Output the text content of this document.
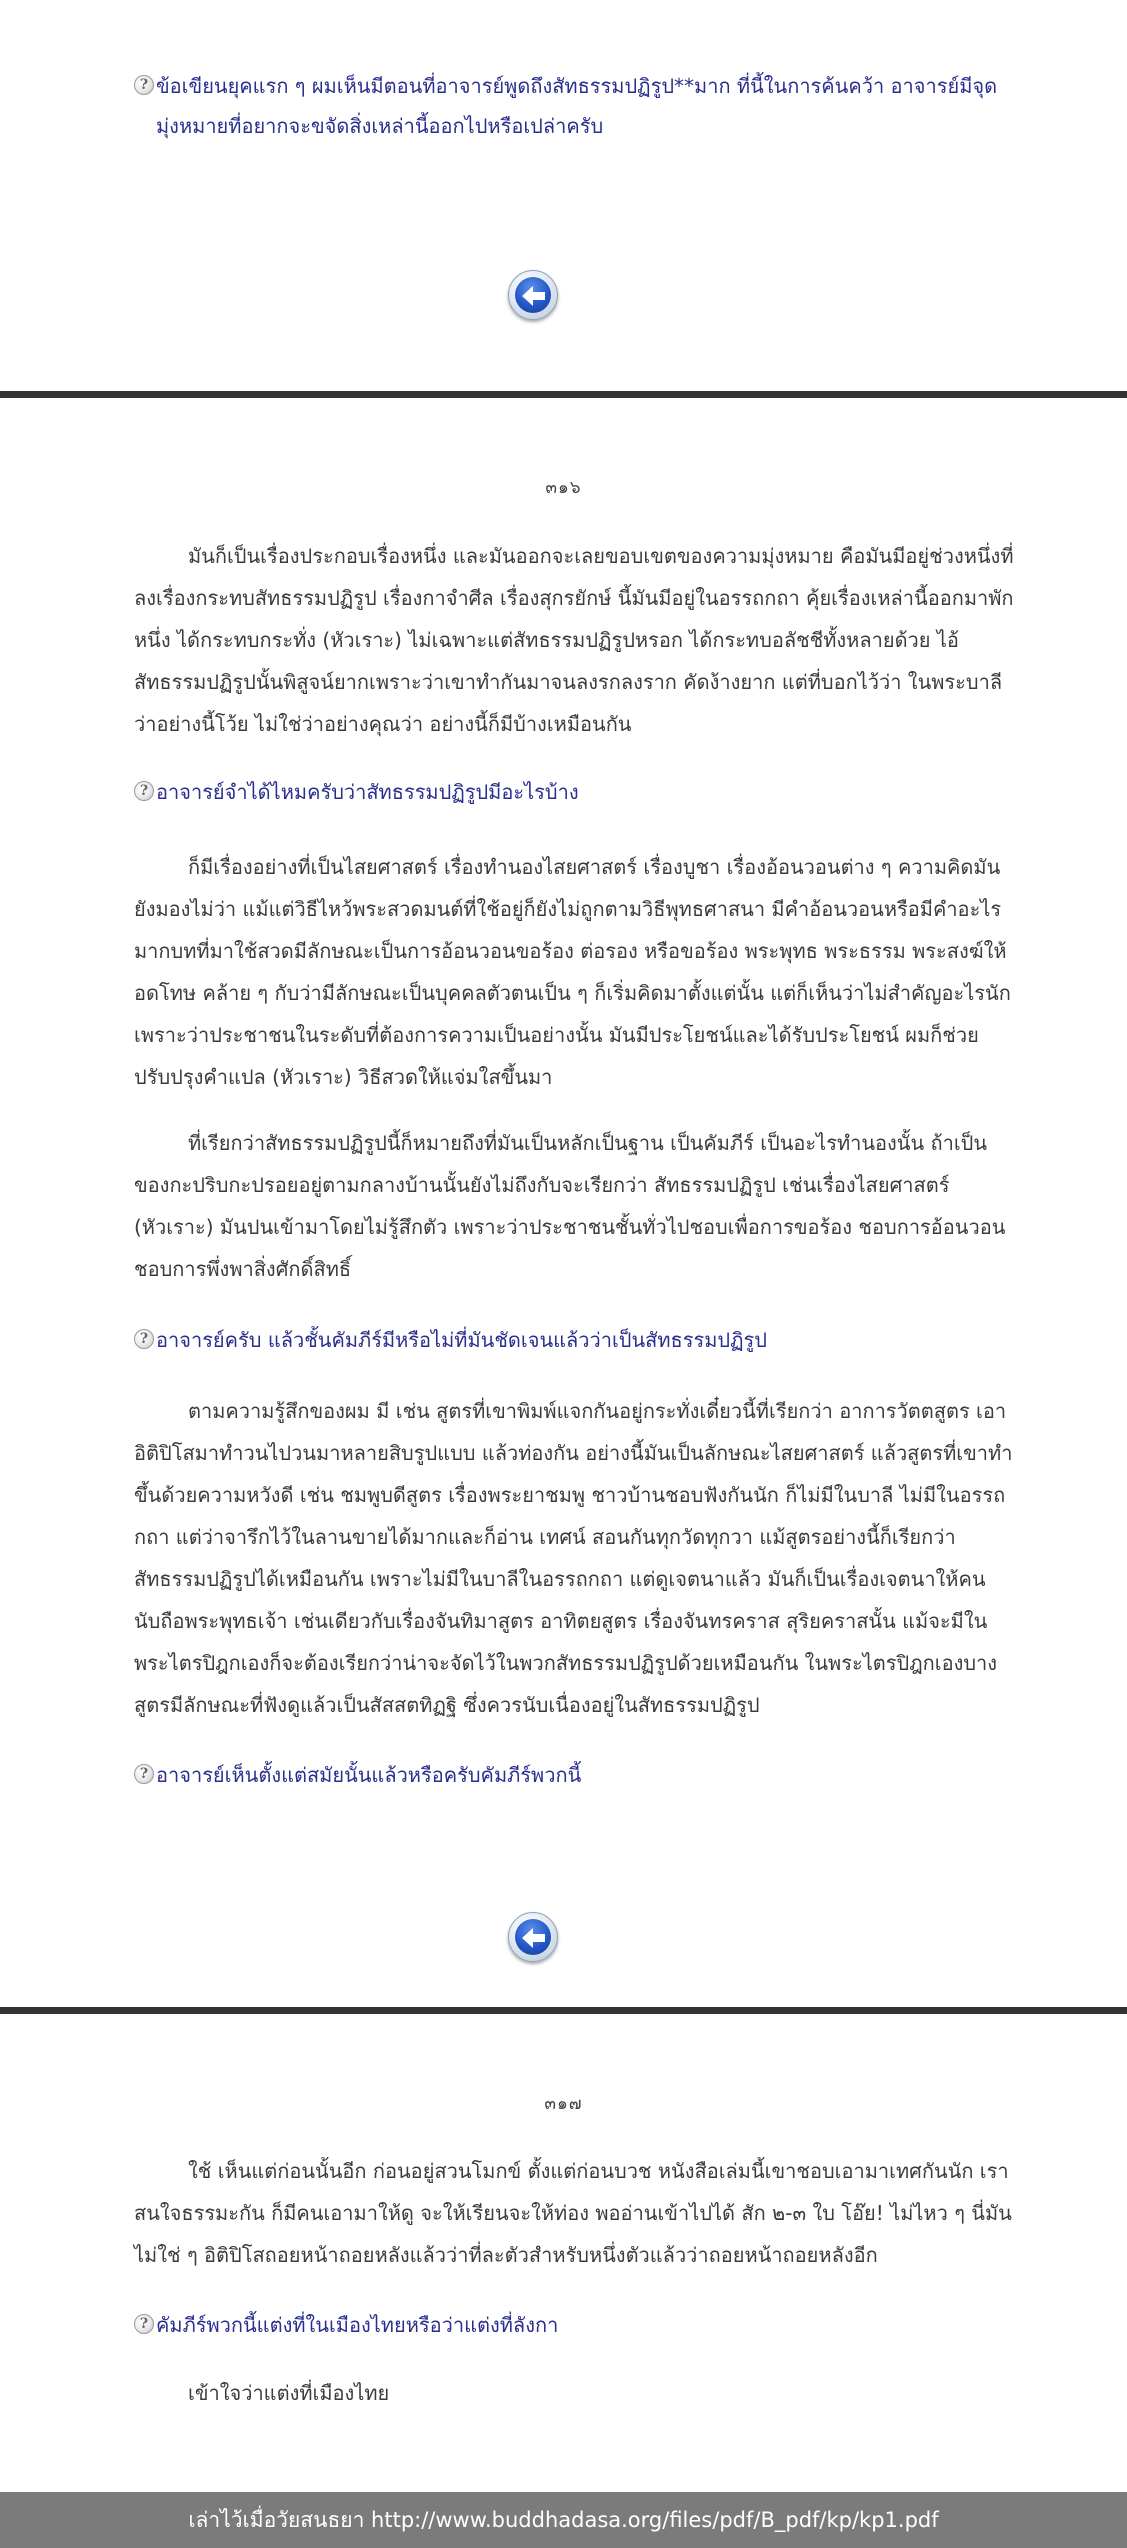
? ข้อเขียนยุคแรก ๆ ผมเห็นมีตอนที่อาจารย์พูดถึงสัทธรรมปฏิรูป**มาก ที่นี้ในการค้นคว้า อาจารย์มีจุดมุ่งหมายที่อยากจะขจัดสิ่งเหล่านี้ออกไปหรือเปล่าครับ
๓๑๖
มันก็เป็นเรื่องประกอบเรื่องหนึ่ง และมันออกจะเลยขอบเขตของความมุ่งหมาย คือมันมีอยู่ช่วงหนึ่งที่ลงเรื่องกระทบสัทธรรมปฏิรูป เรื่องกาจำศีล เรื่องสุกรยักษ์ นี้มันมีอยู่ในอรรถกถา คุ้ยเรื่องเหล่านี้ออกมาพักหนึ่ง ได้กระทบกระทั่ง (หัวเราะ) ไม่เฉพาะแต่สัทธรรมปฏิรูปหรอก ได้กระทบอลัชชีทั้งหลายด้วย ไอ้สัทธรรมปฏิรูปนั้นพิสูจน์ยากเพราะว่าเขาทำกันมาจนลงรกลงราก คัดง้างยาก แต่ที่บอกไว้ว่า ในพระบาลีว่าอย่างนี้โว้ย ไม่ใช่ว่าอย่างคุณว่า อย่างนี้ก็มีบ้างเหมือนกัน
? อาจารย์จำได้ไหมครับว่าสัทธรรมปฏิรูปมีอะไรบ้าง
ก็มีเรื่องอย่างที่เป็นไสยศาสตร์ เรื่องทำนองไสยศาสตร์ เรื่องบูชา เรื่องอ้อนวอนต่าง ๆ ความคิดมันยังมองไม่ว่า แม้แต่วิธีไหว้พระสวดมนต์ที่ใช้อยู่ก็ยังไม่ถูกตามวิธีพุทธศาสนา มีคำอ้อนวอนหรือมีคำอะไรมากบทที่มาใช้สวดมีลักษณะเป็นการอ้อนวอนขอร้อง ต่อรอง หรือขอร้อง พระพุทธ พระธรรม พระสงฆ์ให้อดโทษ คล้าย ๆ กับว่ามีลักษณะเป็นบุคคลตัวตนเป็น ๆ ก็เริ่มคิดมาตั้งแต่นั้น แต่ก็เห็นว่าไม่สำคัญอะไรนักเพราะว่าประชาชนในระดับที่ต้องการความเป็นอย่างนั้น มันมีประโยชน์และได้รับประโยชน์ ผมก็ช่วยปรับปรุงคำแปล (หัวเราะ) วิธีสวดให้แจ่มใสขึ้นมา
ที่เรียกว่าสัทธรรมปฏิรูปนี้ก็หมายถึงที่มันเป็นหลักเป็นฐาน เป็นคัมภีร์ เป็นอะไรทำนองนั้น ถ้าเป็นของกะปริบกะปรอยอยู่ตามกลางบ้านนั้นยังไม่ถึงกับจะเรียกว่า สัทธรรมปฏิรูป เช่นเรื่องไสยศาสตร์ (หัวเราะ) มันปนเข้ามาโดยไม่รู้สึกตัว เพราะว่าประชาชนชั้นทั่วไปชอบเพื่อการขอร้อง ชอบการอ้อนวอน ชอบการพึ่งพาสิ่งศักดิ์สิทธิ์
? อาจารย์ครับ แล้วชั้นคัมภีร์มีหรือไม่ที่มันชัดเจนแล้วว่าเป็นสัทธรรมปฏิรูป
ตามความรู้สึกของผม มี เช่น สูตรที่เขาพิมพ์แจกกันอยู่กระทั่งเดี๋ยวนี้ที่เรียกว่า อาการวัตตสูตร เอาอิติปิโสมาทำวนไปวนมาหลายสิบรูปแบบ แล้วท่องกัน อย่างนี้มันเป็นลักษณะไสยศาสตร์ แล้วสูตรที่เขาทำขึ้นด้วยความหวังดี เช่น ชมพูบดีสูตร เรื่องพระยาชมพู ชาวบ้านชอบฟังกันนัก ก็ไม่มีในบาลี ไม่มีในอรรถกถา แต่ว่าจารึกไว้ในลานขายได้มากและก็อ่าน เทศน์ สอนกันทุกวัดทุกวา แม้สูตรอย่างนี้ก็เรียกว่าสัทธรรมปฏิรูปได้เหมือนกัน เพราะไม่มีในบาลีในอรรถกถา แต่ดูเจตนาแล้ว มันก็เป็นเรื่องเจตนาให้คนนับถือพระพุทธเจ้า เช่นเดียวกับเรื่องจันทิมาสูตร อาทิตยสูตร เรื่องจันทรคราส สุริยคราสนั้น แม้จะมีในพระไตรปิฎกเองก็จะต้องเรียกว่าน่าจะจัดไว้ในพวกสัทธรรมปฏิรูปด้วยเหมือนกัน ในพระไตรปิฎกเองบางสูตรมีลักษณะที่ฟังดูแล้วเป็นสัสสตทิฏฐิ ซึ่งควรนับเนื่องอยู่ในสัทธรรมปฏิรูป
? อาจารย์เห็นตั้งแต่สมัยนั้นแล้วหรือครับคัมภีร์พวกนี้
๓๑๗
ใช้ เห็นแต่ก่อนนั้นอีก ก่อนอยู่สวนโมกข์ ตั้งแต่ก่อนบวช หนังสือเล่มนี้เขาชอบเอามาเทศกันนัก เราสนใจธรรมะกัน ก็มีคนเอามาให้ดู จะให้เรียนจะให้ท่อง พออ่านเข้าไปได้ สัก ๒-๓ ใบ โอ๊ย! ไม่ไหว ๆ นี่มันไม่ใช่ ๆ อิติปิโสถอยหน้าถอยหลังแล้วว่าที่ละตัวสำหรับหนึ่งตัวแล้วว่าถอยหน้าถอยหลังอีก
? คัมภีร์พวกนี้แต่งที่ในเมืองไทยหรือว่าแต่งที่ลังกา
เข้าใจว่าแต่งที่เมืองไทย
เล่าไว้เมื่อวัยสนธยา http://www.buddhadasa.org/files/pdf/B_pdf/kp/kp1.pdf
